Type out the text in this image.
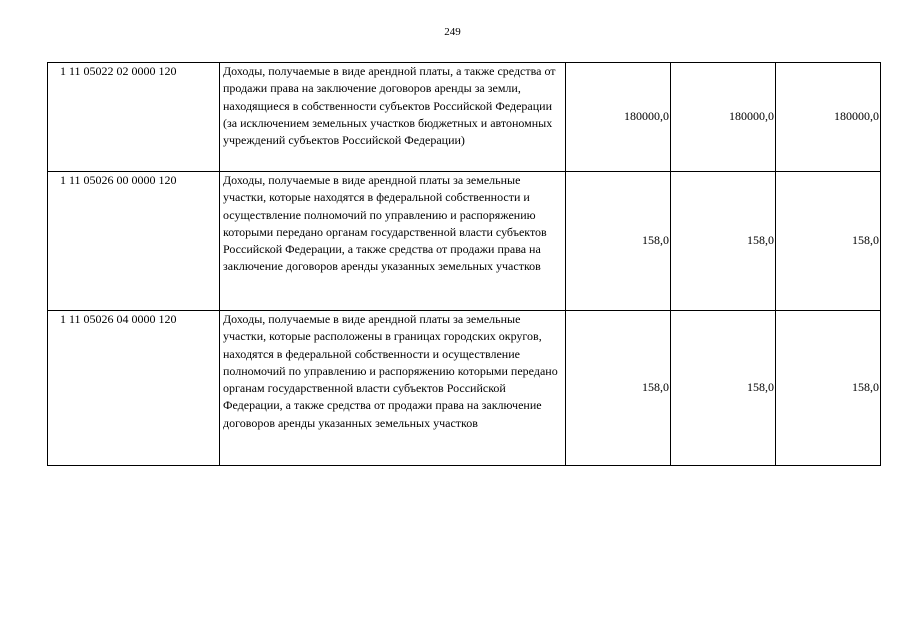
249
1 11 05022 02 0000 120	Доходы, получаемые в виде арендной платы, а также средства от продажи права на заключение договоров аренды за земли, находящиеся в собственности субъектов Российской Федерации (за исключением земельных участков бюджетных и автономных учреждений субъектов Российской Федерации)	180000,0	180000,0	180000,0
1 11 05026 00 0000 120	Доходы, получаемые в виде арендной платы за земельные участки, которые находятся в федеральной собственности и осуществление полномочий по управлению и распоряжению которыми передано органам государственной власти субъектов Российской Федерации, а также средства от продажи права на заключение договоров аренды указанных земельных участков	158,0	158,0	158,0
1 11 05026 04 0000 120	Доходы, получаемые в виде арендной платы за земельные участки, которые расположены в границах городских округов, находятся в федеральной собственности и осуществление полномочий по управлению и распоряжению которыми передано органам государственной власти субъектов Российской Федерации, а также средства от продажи права на заключение договоров аренды указанных земельных участков	158,0	158,0	158,0
